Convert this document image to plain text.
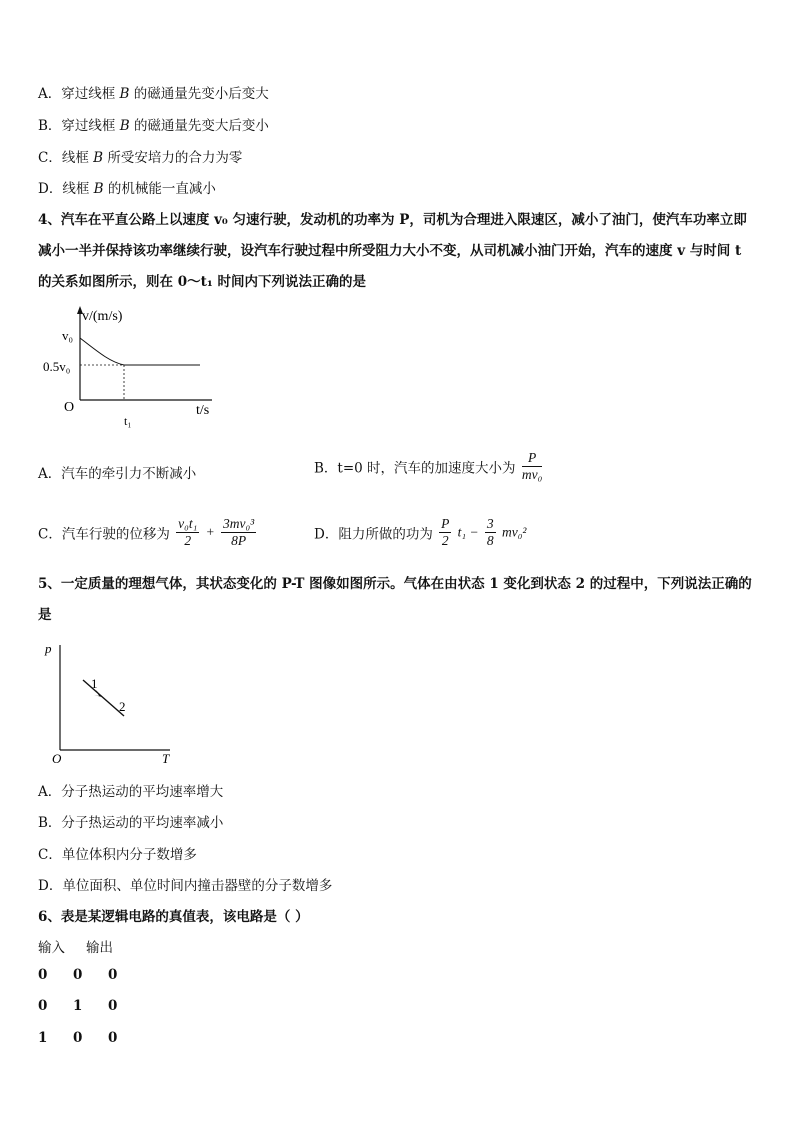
A．穿过线框 B 的磁通量先变小后变大
B．穿过线框 B 的磁通量先变大后变小
C．线框 B 所受安培力的合力为零
D．线框 B 的机械能一直减小
4、汽车在平直公路上以速度 v₀ 匀速行驶，发动机的功率为 P，司机为合理进入限速区，减小了油门，使汽车功率立即
减小一半并保持该功率继续行驶，设汽车行驶过程中所受阻力大小不变，从司机减小油门开始，汽车的速度 v 与时间 t
的关系如图所示，则在 0～t₁ 时间内下列说法正确的是
v/(m/s)
v₀
0.5v₀
O	t/s
t₁
A．汽车的牵引力不断减小	B．t=0 时，汽车的加速度大小为 $\frac{P}{\text{mv₀}}$
C．汽车行驶的位移为 $\frac{\text{v₀t₁}}{2} + \frac{\text{3mv₀³}}{8P}$	D．阻力所做的功为 $\frac{P}{2} t_1 - \frac{3}{8} mv_0^2$
5、一定质量的理想气体，其状态变化的 P-T 图像如图所示。气体在由状态 1 变化到状态 2 的过程中，下列说法正确的
是
p
T
O
1
2
A．分子热运动的平均速率增大
B．分子热运动的平均速率减小
C．单位体积内分子数增多
D．单位面积、单位时间内撞击器壁的分子数增多
6、表是某逻辑电路的真值表，该电路是（ ）
输入 输出
0 0 0
0 1 0
1 0 0
